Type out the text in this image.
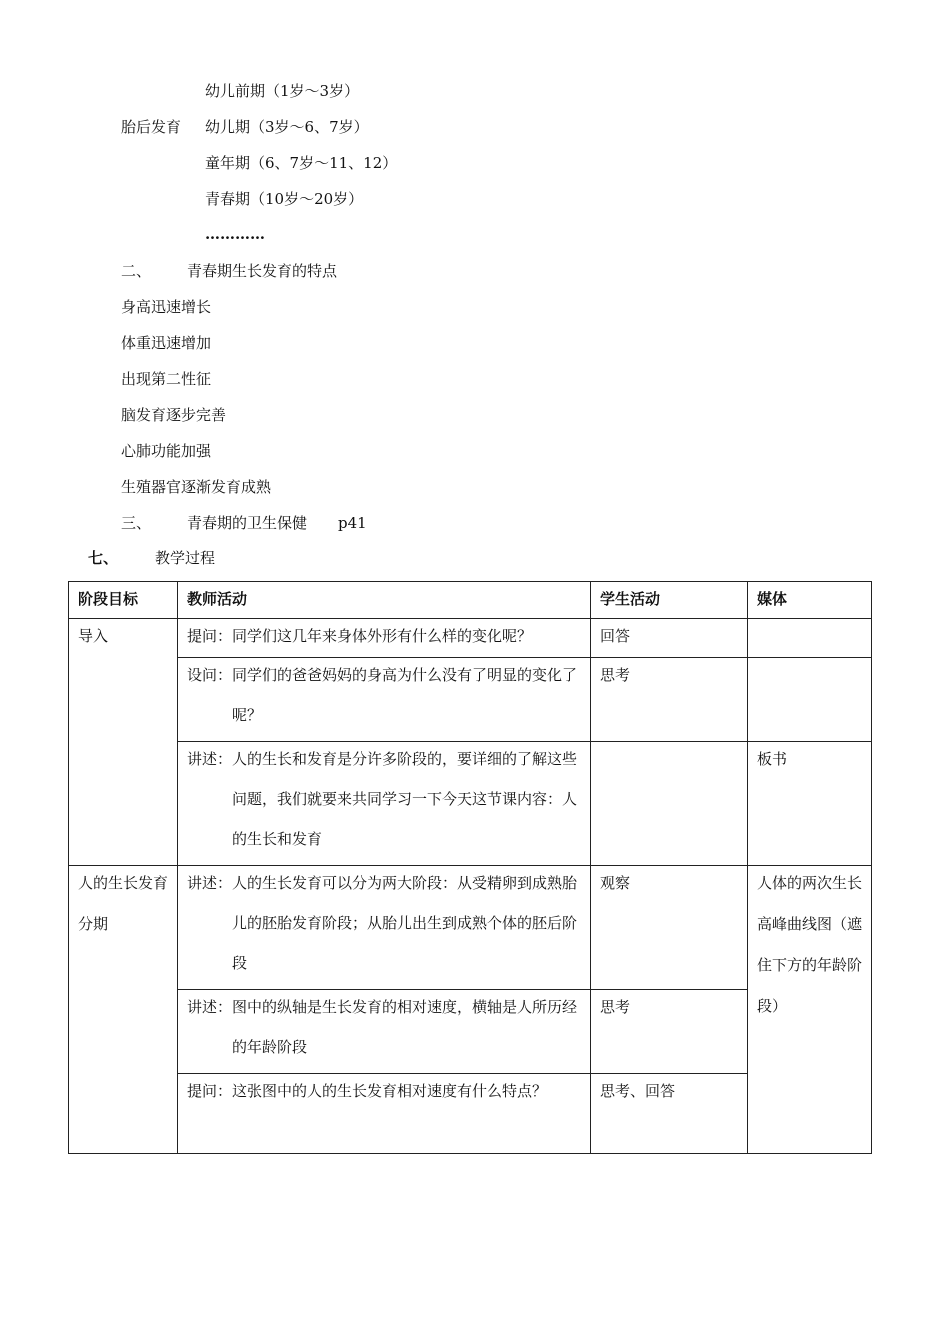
幼儿前期（1岁～3岁）
胎后发育 幼儿期（3岁～6、7岁）
童年期（6、7岁～11、12）
青春期（10岁～20岁）
…………
二、 青春期生长发育的特点
身高迅速增长
体重迅速增加
出现第二性征
脑发育逐步完善
心肺功能加强
生殖器官逐渐发育成熟
三、 青春期的卫生保健 p41
七、 教学过程
阶段目标	教师活动	学生活动	媒体
导入	提问：同学们这几年来身体外形有什么样的变化呢？	回答	

	设问： 同学们的爸爸妈妈的身高为什么没有了明显的变化了呢？	思考	

	讲述： 人的生长和发育是分许多阶段的，要详细的了解这些问题，我们就要来共同学习一下今天这节课内容：人的生长和发育		板书

人的生长发育分期	讲述： 人的生长发育可以分为两大阶段：从受精卵到成熟胎儿的胚胎发育阶段；从胎儿出生到成熟个体的胚后阶段	观察	人体的两次生长高峰曲线图（遮住下方的年龄阶段）

	讲述： 图中的纵轴是生长发育的相对速度，横轴是人所历经的年龄阶段	思考	

	提问： 这张图中的人的生长发育相对速度有什么特点？	思考、回答	
